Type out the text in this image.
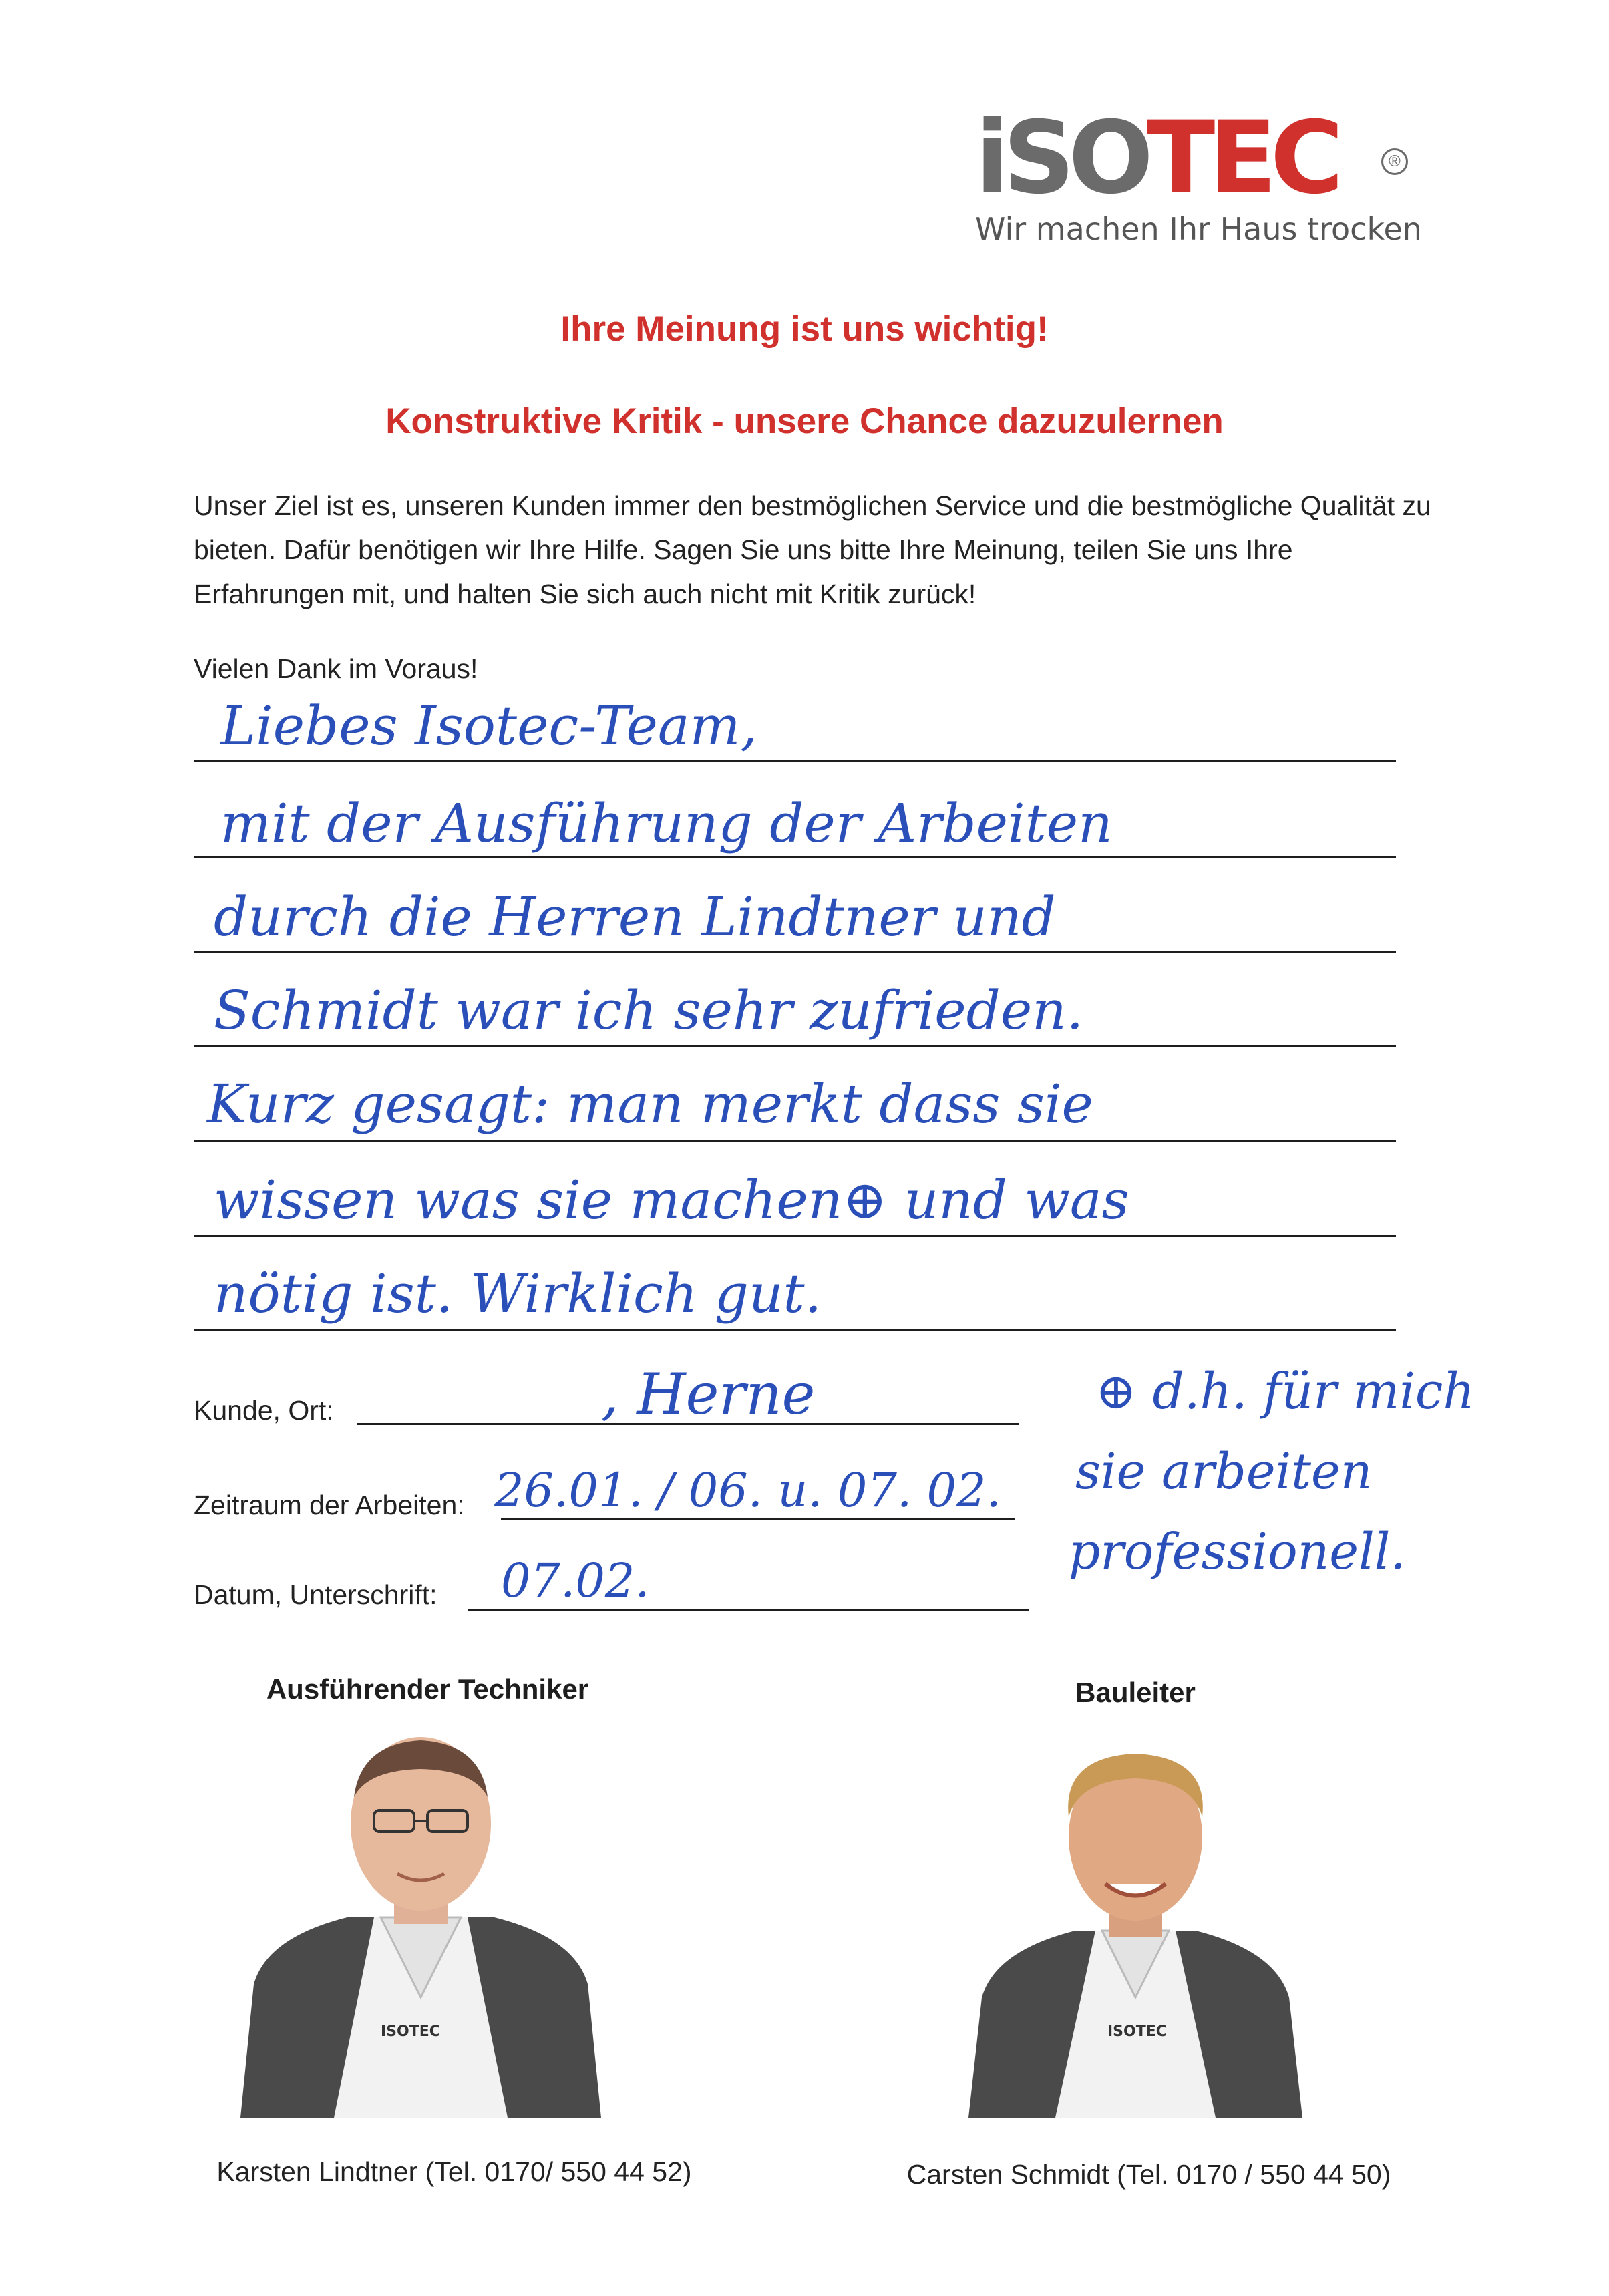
iSO TEC	®
Wir machen Ihr Haus trocken
Ihre Meinung ist uns wichtig!
Konstruktive Kritik - unsere Chance dazuzulernen
Unser Ziel ist es, unseren Kunden immer den bestmöglichen Service und die bestmögliche Qualität zu bieten. Dafür benötigen wir Ihre Hilfe. Sagen Sie uns bitte Ihre Meinung, teilen Sie uns Ihre Erfahrungen mit, und halten Sie sich auch nicht mit Kritik zurück!
Vielen Dank im Voraus!
Liebes Isotec-Team,
mit der Ausführung der Arbeiten
durch die Herren Lindtner und
Schmidt war ich sehr zufrieden.
Kurz gesagt: man merkt dass sie
wissen was sie machen⊕ und was
nötig ist. Wirklich gut.
Kunde, Ort:	, Herne
Zeitraum der Arbeiten: 26.01. / 06. u. 07. 02.
Datum, Unterschrift: 07.02.
⊕ d.h. für mich
sie arbeiten
professionell.
Ausführender Techniker
ISOTEC
Karsten Lindtner (Tel. 0170/ 550 44 52)
Bauleiter
ISOTEC
Carsten Schmidt (Tel. 0170 / 550 44 50)
